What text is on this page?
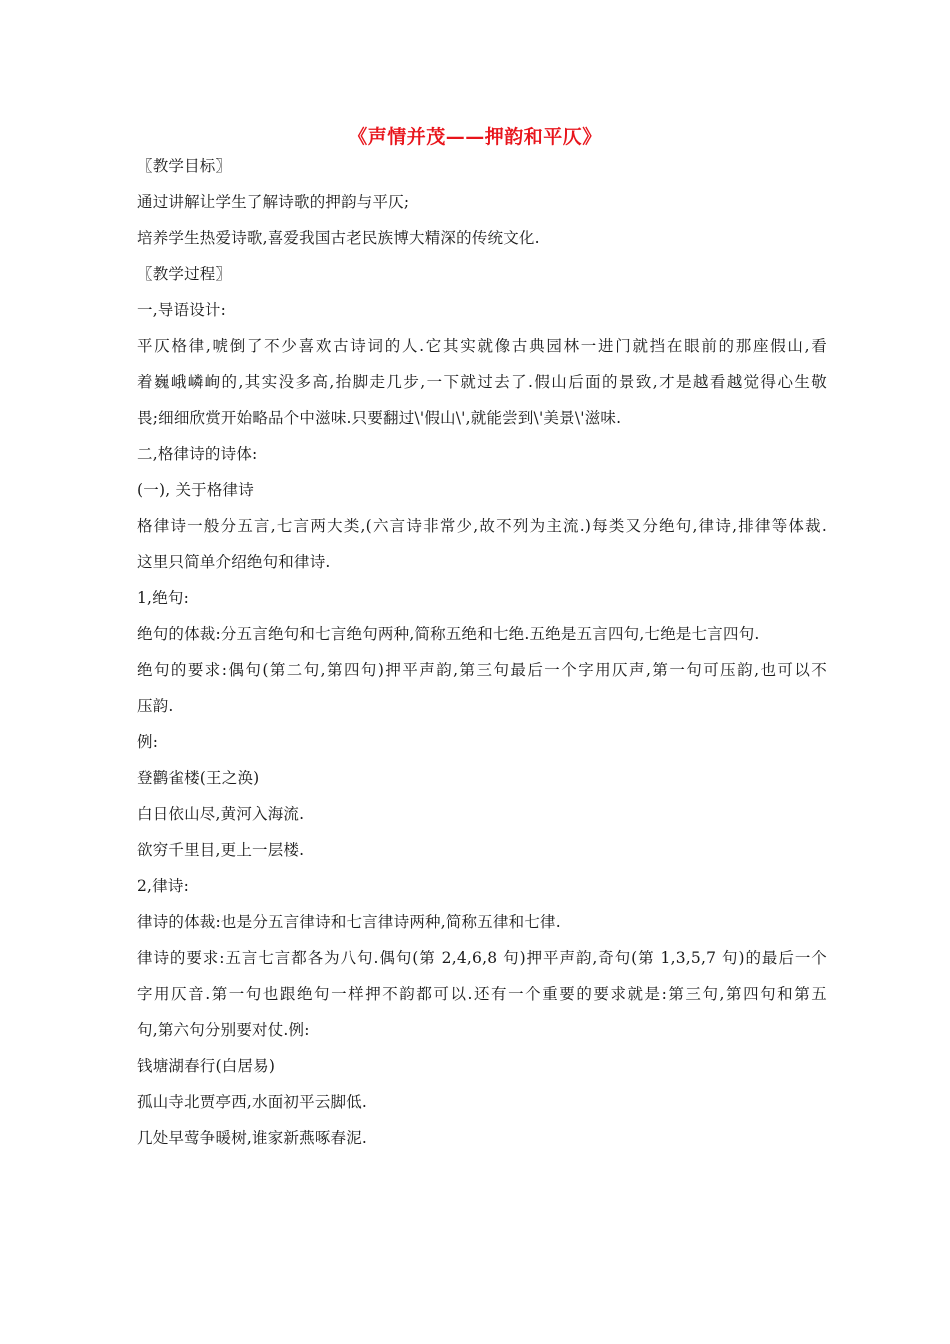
《声情并茂——押韵和平仄》
〖教学目标〗
通过讲解让学生了解诗歌的押韵与平仄;
培养学生热爱诗歌,喜爱我国古老民族博大精深的传统文化.
〖教学过程〗
一,导语设计:
平仄格律,唬倒了不少喜欢古诗词的人.它其实就像古典园林一进门就挡在眼前的那座假山,看
着巍峨嶙峋的,其实没多高,抬脚走几步,一下就过去了.假山后面的景致,才是越看越觉得心生敬
畏;细细欣赏开始略品个中滋味.只要翻过\'假山\',就能尝到\'美景\'滋味.
二,格律诗的诗体:
(一), 关于格律诗
格律诗一般分五言,七言两大类,(六言诗非常少,故不列为主流.)每类又分绝句,律诗,排律等体裁.
这里只简单介绍绝句和律诗.
1,绝句:
绝句的体裁:分五言绝句和七言绝句两种,简称五绝和七绝.五绝是五言四句,七绝是七言四句.
绝句的要求:偶句(第二句,第四句)押平声韵,第三句最后一个字用仄声,第一句可压韵,也可以不
压韵.
例:
登鹳雀楼(王之涣)
白日依山尽,黄河入海流.
欲穷千里目,更上一层楼.
2,律诗:
律诗的体裁:也是分五言律诗和七言律诗两种,简称五律和七律.
律诗的要求:五言七言都各为八句.偶句(第 2,4,6,8 句)押平声韵,奇句(第 1,3,5,7 句)的最后一个
字用仄音.第一句也跟绝句一样押不韵都可以.还有一个重要的要求就是:第三句,第四句和第五
句,第六句分别要对仗.例:
钱塘湖春行(白居易)
孤山寺北贾亭西,水面初平云脚低.
几处早莺争暖树,谁家新燕啄春泥.
